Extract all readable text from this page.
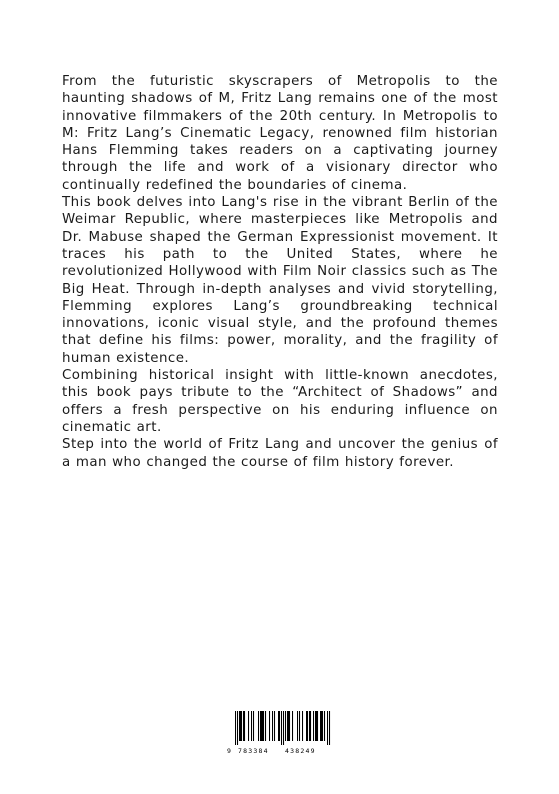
From the futuristic skyscrapers of Metropolis to the haunting shadows of M, Fritz Lang remains one of the most innovative filmmakers of the 20th century. In Metropolis to M: Fritz Lang’s Cinematic Legacy, renowned film historian Hans Flemming takes readers on a captivating journey through the life and work of a visionary director who continually redefined the boundaries of cinema.

This book delves into Lang's rise in the vibrant Berlin of the Weimar Republic, where masterpieces like Metropolis and Dr. Mabuse shaped the German Expressionist movement. It traces his path to the United States, where he revolutionized Hollywood with Film Noir classics such as The Big Heat. Through in-depth analyses and vivid storytelling, Flemming explores Lang’s groundbreaking technical innovations, iconic visual style, and the profound themes that define his films: power, morality, and the fragility of human existence.

Combining historical insight with little-known anecdotes, this book pays tribute to the “Architect of Shadows” and offers a fresh perspective on his enduring influence on cinematic art.

Step into the world of Fritz Lang and uncover the genius of a man who changed the course of film history forever.

9 783384	438249
